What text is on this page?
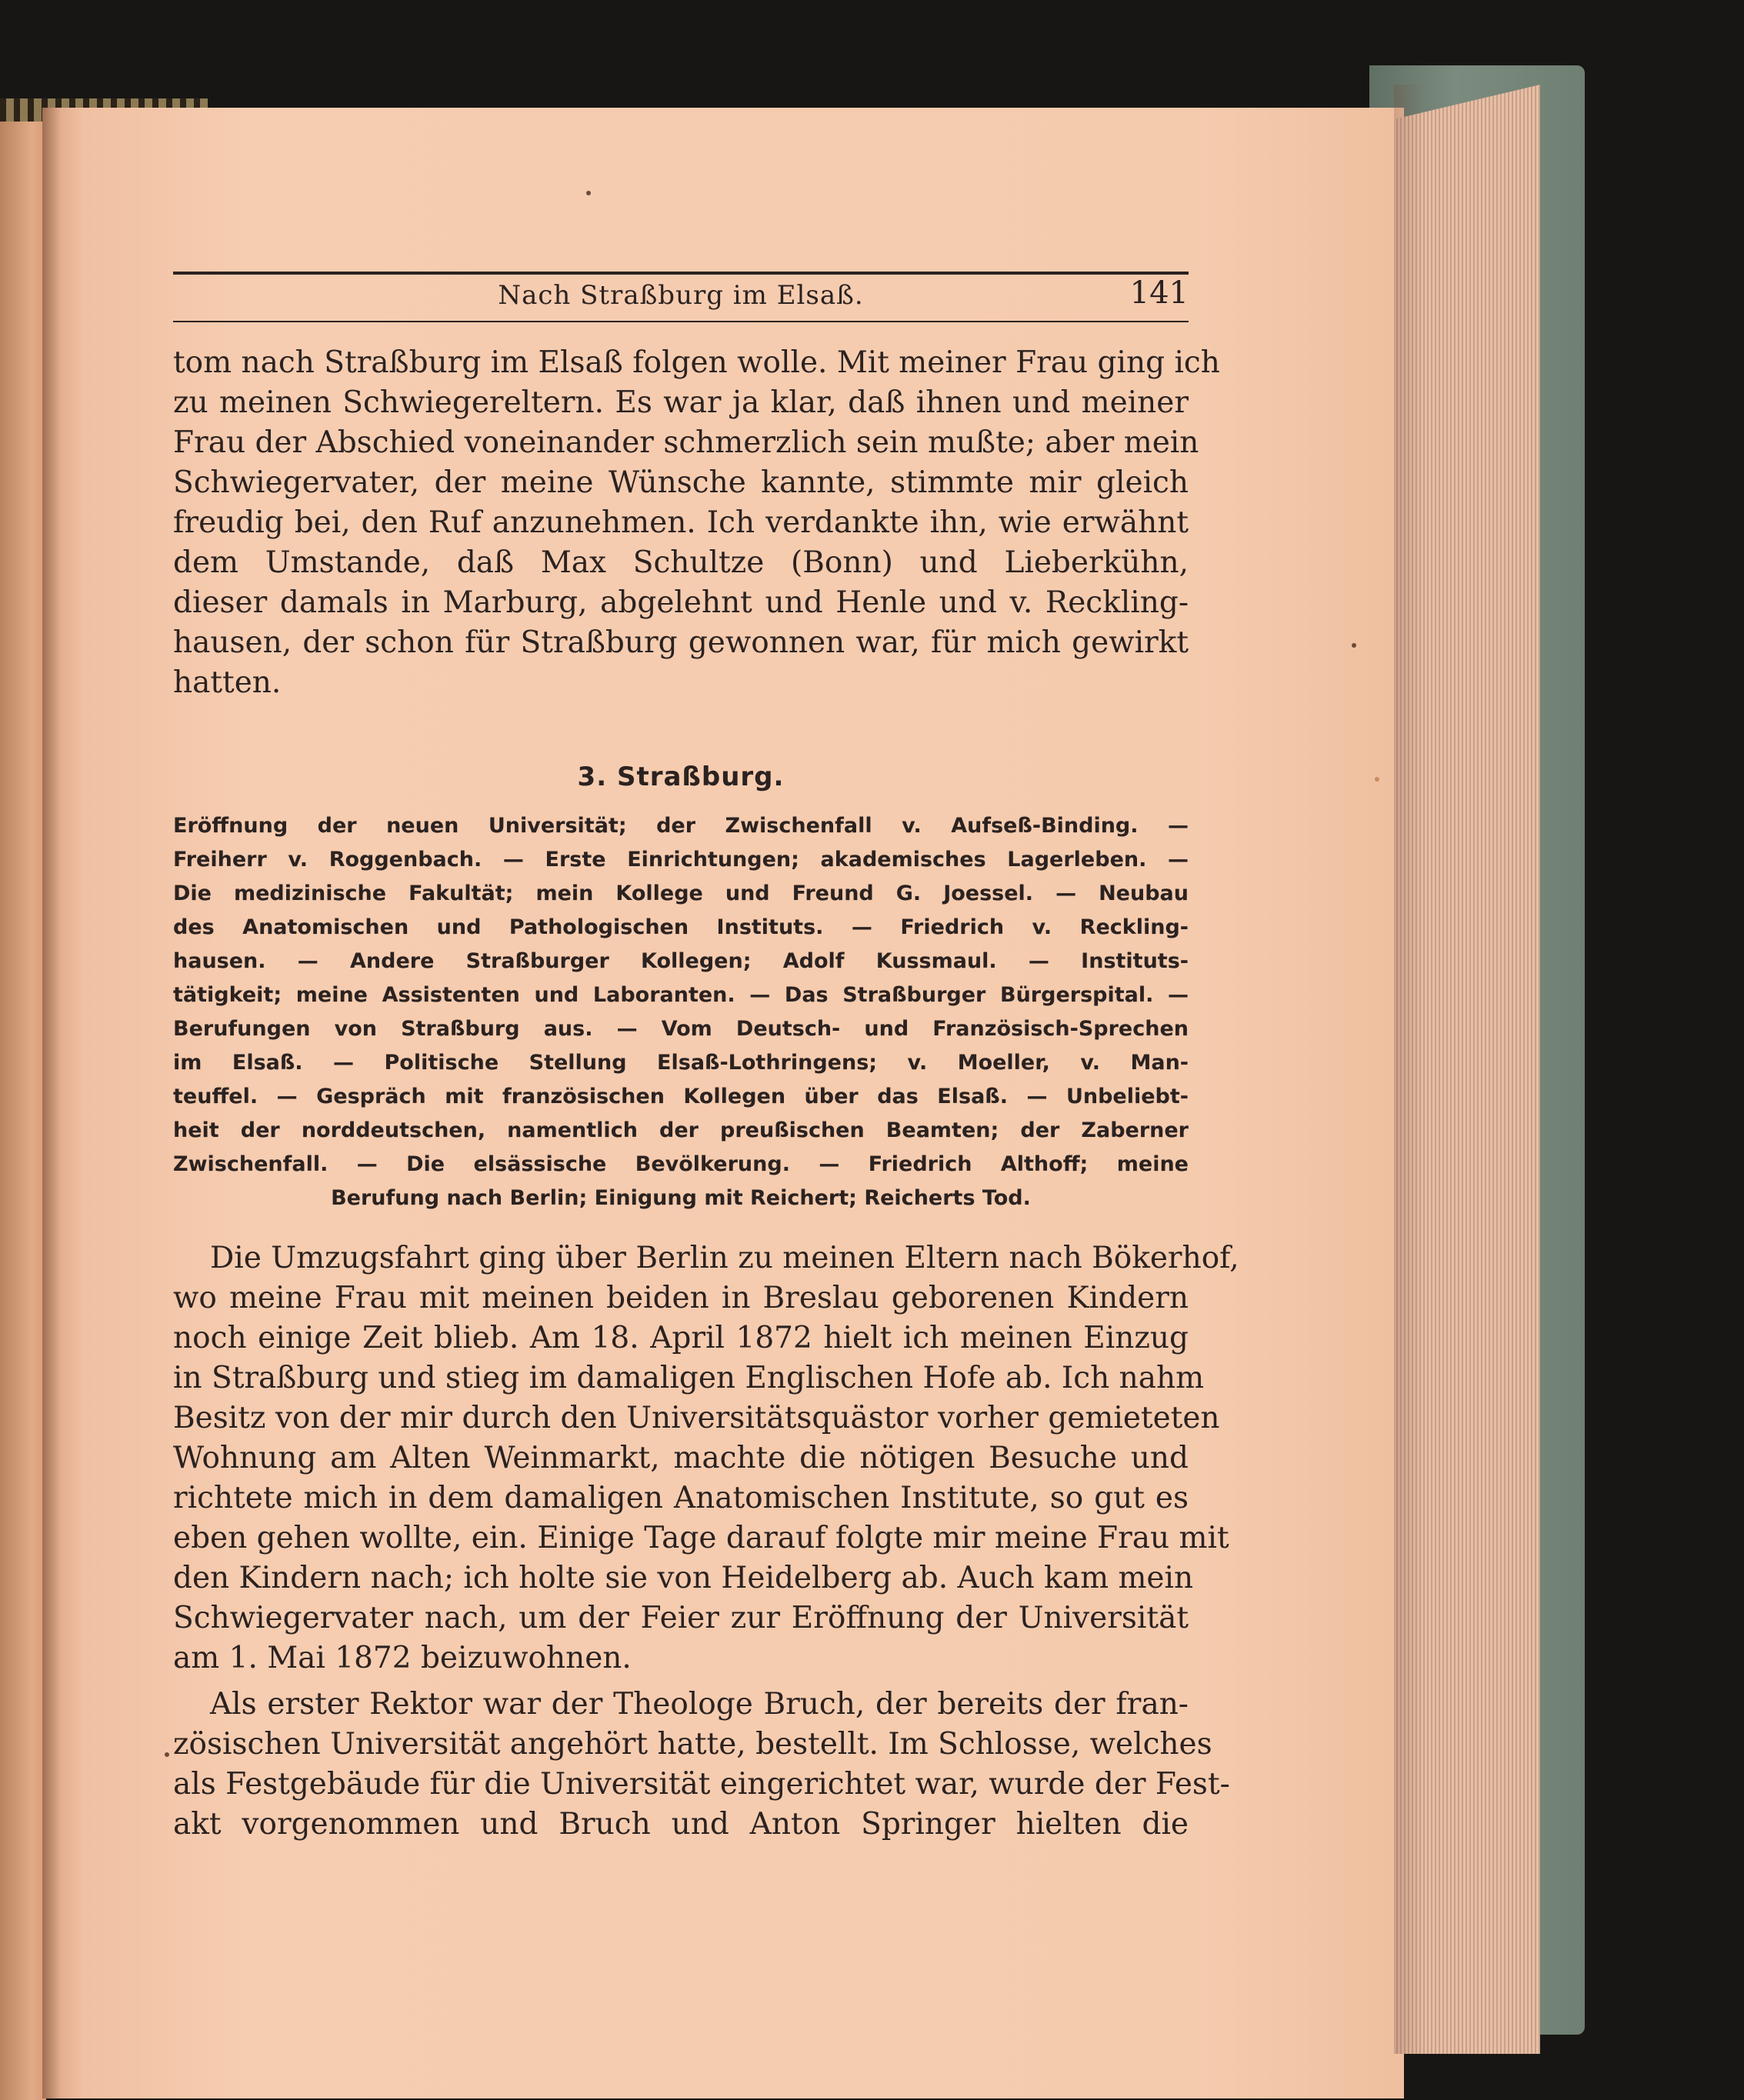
Nach Straßburg im Elsaß.	141
tom nach Straßburg im Elsaß folgen wolle. Mit meiner Frau ging ich
zu meinen Schwiegereltern. Es war ja klar, daß ihnen und meiner
Frau der Abschied voneinander schmerzlich sein mußte; aber mein
Schwiegervater, der meine Wünsche kannte, stimmte mir gleich
freudig bei, den Ruf anzunehmen. Ich verdankte ihn, wie erwähnt
dem Umstande, daß Max Schultze (Bonn) und Lieberkühn,
dieser damals in Marburg, abgelehnt und Henle und v. Reckling-
hausen, der schon für Straßburg gewonnen war, für mich gewirkt
hatten.
3. Straßburg.
Eröffnung der neuen Universität; der Zwischenfall v. Aufseß-Binding. —
Freiherr v. Roggenbach. — Erste Einrichtungen; akademisches Lagerleben. —
Die medizinische Fakultät; mein Kollege und Freund G. Joessel. — Neubau
des Anatomischen und Pathologischen Instituts. — Friedrich v. Reckling-
hausen. — Andere Straßburger Kollegen; Adolf Kussmaul. — Instituts-
tätigkeit; meine Assistenten und Laboranten. — Das Straßburger Bürgerspital. —
Berufungen von Straßburg aus. — Vom Deutsch- und Französisch-Sprechen
im Elsaß. — Politische Stellung Elsaß-Lothringens; v. Moeller, v. Man-
teuffel. — Gespräch mit französischen Kollegen über das Elsaß. — Unbeliebt-
heit der norddeutschen, namentlich der preußischen Beamten; der Zaberner
Zwischenfall. — Die elsässische Bevölkerung. — Friedrich Althoff; meine
Berufung nach Berlin; Einigung mit Reichert; Reicherts Tod.
Die Umzugsfahrt ging über Berlin zu meinen Eltern nach Bökerhof,
wo meine Frau mit meinen beiden in Breslau geborenen Kindern
noch einige Zeit blieb. Am 18. April 1872 hielt ich meinen Einzug
in Straßburg und stieg im damaligen Englischen Hofe ab. Ich nahm
Besitz von der mir durch den Universitätsquästor vorher gemieteten
Wohnung am Alten Weinmarkt, machte die nötigen Besuche und
richtete mich in dem damaligen Anatomischen Institute, so gut es
eben gehen wollte, ein. Einige Tage darauf folgte mir meine Frau mit
den Kindern nach; ich holte sie von Heidelberg ab. Auch kam mein
Schwiegervater nach, um der Feier zur Eröffnung der Universität
am 1. Mai 1872 beizuwohnen.
Als erster Rektor war der Theologe Bruch, der bereits der fran-
zösischen Universität angehört hatte, bestellt. Im Schlosse, welches
als Festgebäude für die Universität eingerichtet war, wurde der Fest-
akt vorgenommen und Bruch und Anton Springer hielten die
